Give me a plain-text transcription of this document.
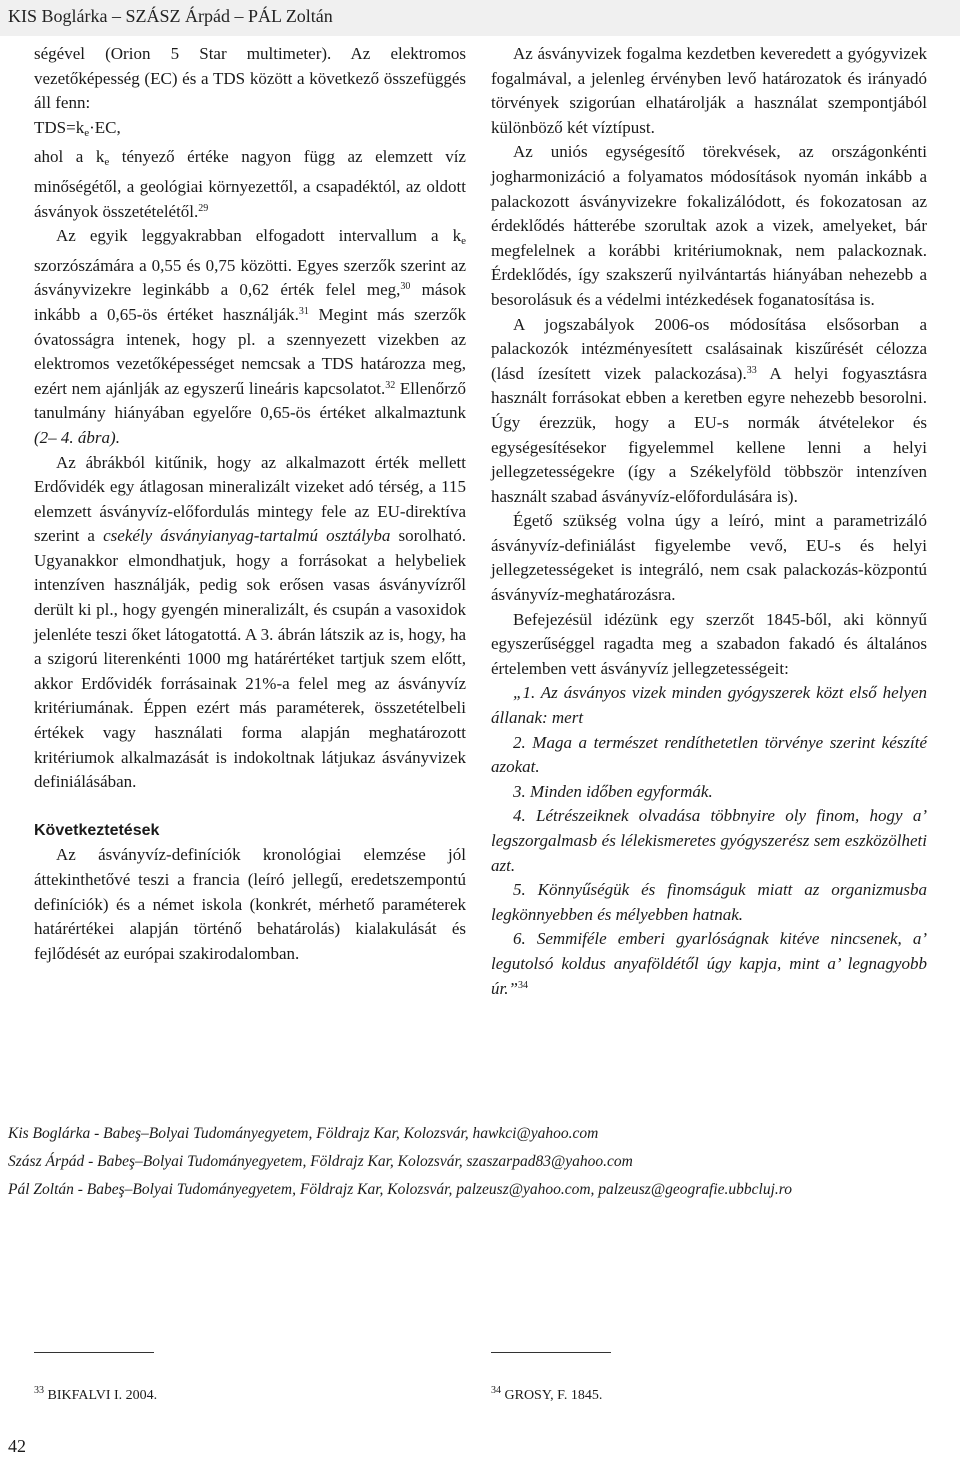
KIS Boglárka – SZÁSZ Árpád – PÁL Zoltán

ségével (Orion 5 Star multimeter). Az elektromos vezetőképesség (EC) és a TDS között a következő összefüggés áll fenn:

$TDS=k_e\cdot EC$,

ahol a $k_e$ tényező értéke nagyon függ az elemzett víz minőségétől, a geológiai környezettől, a csapadéktól, az oldott ásványok összetételétől.$^{29}$

Az egyik leggyakrabban elfogadott intervallum a $k_e$ szorzószámára a 0,55 és 0,75 közötti. Egyes szerzők szerint az ásványvizekre leginkább a 0,62 érték felel meg,$^{30}$ mások inkább a 0,65-ös értéket használják.$^{31}$ Megint más szerzők óvatosságra intenek, hogy pl. a szennyezett vizekben az elektromos vezetőképességet nemcsak a TDS határozza meg, ezért nem ajánlják az egyszerű lineáris kapcsolatot.$^{32}$ Ellenőrző tanulmány hiányában egyelőre 0,65-ös értéket alkalmaztunk (2– 4. ábra).

Az ábrákból kitűnik, hogy az alkalmazott érték mellett Erdővidék egy átlagosan mineralizált vizeket adó térség, a 115 elemzett ásványvíz-előfordulás mintegy fele az EU-direktíva szerint a csekély ásványianyag-tartalmú osztályba sorolható. Ugyanakkor elmondhatjuk, hogy a forrásokat a helybeliek intenzíven használják, pedig sok erősen vasas ásványvízről derült ki pl., hogy gyengén mineralizált, és csupán a vasoxidok jelenléte teszi őket látogatottá. A 3. ábrán látszik az is, hogy, ha a szigorú literenkénti 1000 mg határértéket tartjuk szem előtt, akkor Erdővidék forrásainak 21%-a felel meg az ásványvíz kritériumának. Éppen ezért más paraméterek, összetételbeli értékek vagy használati forma alapján meghatározott kritériumok alkalmazását is indokoltnak látjukaz ásványvizek definiálásában.

Következtetések

Az ásványvíz-definíciók kronológiai elemzése jól áttekinthetővé teszi a francia (leíró jellegű, eredetszempontú definíciók) és a német iskola (konkrét, mérhető paraméterek határértékei alapján történő behatárolás) kialakulását és fejlődését az európai szakirodalomban.

Az ásványvizek fogalma kezdetben keveredett a gyógyvizek fogalmával, a jelenleg érvényben levő határozatok és irányadó törvények szigorúan elhatárolják a használat szempontjából különböző két víztípust.

Az uniós egységesítő törekvések, az országonkénti jogharmonizáció a folyamatos módosítások nyomán inkább a palackozott ásványvizekre fokalizálódott, és fokozatosan az érdeklődés hátterébe szorultak azok a vizek, amelyeket, bár megfelelnek a korábbi kritériumoknak, nem palackoznak. Érdeklődés, így szakszerű nyilvántartás hiányában nehezebb a besorolásuk és a védelmi intézkedések foganatosítása is.

A jogszabályok 2006-os módosítása elsősorban a palackozók intézményesített csalásainak kiszűrését célozza (lásd ízesített vizek palackozása).$^{33}$ A helyi fogyasztásra használt forrásokat ebben a keretben egyre nehezebb besorolni. Úgy érezzük, hogy a EU-s normák átvételekor és egységesítésekor figyelemmel kellene lenni a helyi jellegzetességekre (így a Székelyföld többször intenzíven használt szabad ásványvíz-előfordulására is).

Égető szükség volna úgy a leíró, mint a parametrizáló ásványvíz-definiálást figyelembe vevő, EU-s és helyi jellegzetességeket is integráló, nem csak palackozás-központú ásványvíz-meghatározásra.

Befejezésül idézünk egy szerzőt 1845-ből, aki könnyű egyszerűséggel ragadta meg a szabadon fakadó és általános értelemben vett ásványvíz jellegzetességeit:

„1. Az ásványos vizek minden gyógyszerek közt első helyen állanak: mert

2. Maga a természet rendíthetetlen törvénye szerint készíté azokat.

3. Minden időben egyformák.

4. Létrészeiknek olvadása többnyire oly finom, hogy a’ legszorgalmasb és lélekismeretes gyógyszerész sem eszközölheti azt.

5. Könnyűségük és finomságuk miatt az organizmusba legkönnyebben és mélyebben hatnak.

6. Semmiféle emberi gyarlóságnak kitéve nincsenek, a’ legutolsó koldus anyaföldétől úgy kapja, mint a’ legnagyobb úr.”$^{34}$

Kis Boglárka - Babeş–Bolyai Tudományegyetem, Földrajz Kar, Kolozsvár, hawkci@yahoo.com
Szász Árpád - Babeş–Bolyai Tudományegyetem, Földrajz Kar, Kolozsvár, szaszarpad83@yahoo.com
Pál Zoltán - Babeş–Bolyai Tudományegyetem, Földrajz Kar, Kolozsvár, palzeusz@yahoo.com, palzeusz@geografie.ubbcluj.ro
$^{33}$ BIKFALVI I. 2004.	$^{34}$ GROSY, F. 1845.
42
